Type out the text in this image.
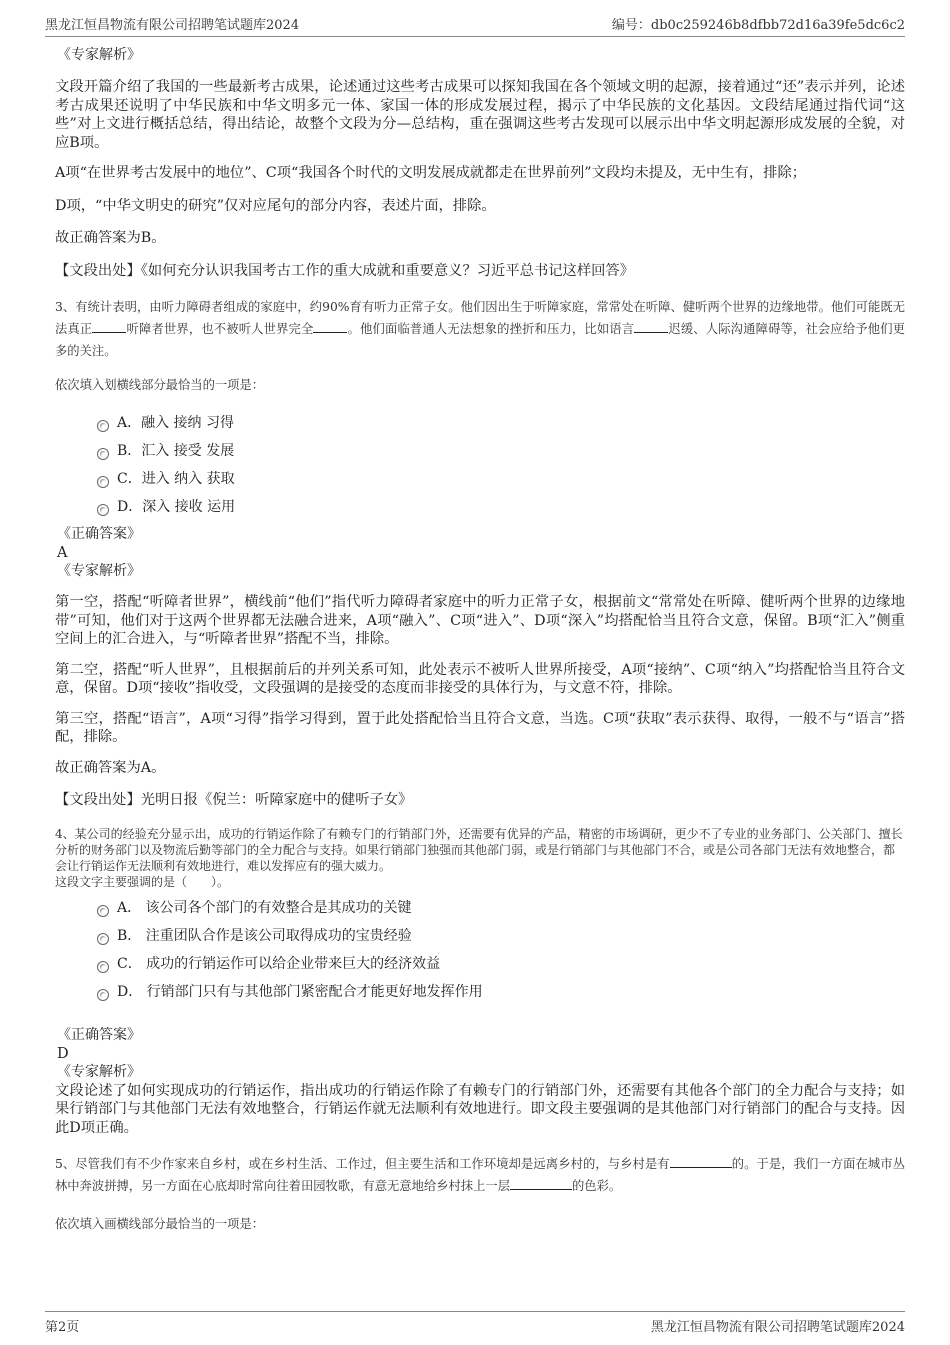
黑龙江恒昌物流有限公司招聘笔试题库2024	编号：db0c259246b8dfbb72d16a39fe5dc6c2
《专家解析》

文段开篇介绍了我国的一些最新考古成果，论述通过这些考古成果可以探知我国在各个领域文明的起源，接着通过“还”表示并列，论述考古成果还说明了中华民族和中华文明多元一体、家国一体的形成发展过程，揭示了中华民族的文化基因。文段结尾通过指代词“这些”对上文进行概括总结，得出结论，故整个文段为分—总结构，重在强调这些考古发现可以展示出中华文明起源形成发展的全貌，对应B项。

A项“在世界考古发展中的地位”、C项“我国各个时代的文明发展成就都走在世界前列”文段均未提及，无中生有，排除；

D项，“中华文明史的研究”仅对应尾句的部分内容，表述片面，排除。

故正确答案为B。

【文段出处】《如何充分认识我国考古工作的重大成就和重要意义？习近平总书记这样回答》

3、有统计表明，由听力障碍者组成的家庭中，约90%育有听力正常子女。他们因出生于听障家庭，常常处在听障、健听两个世界的边缘地带。他们可能既无法真正	听障者世界，也不被听人世界完全	。他们面临普通人无法想象的挫折和压力，比如语言	迟缓、人际沟通障碍等，社会应给予他们更多的关注。

依次填入划横线部分最恰当的一项是：

A．融入 接纳 习得
B．汇入 接受 发展
C．进入 纳入 获取
D．深入 接收 运用
《正确答案》
A
《专家解析》

第一空，搭配“听障者世界”，横线前“他们”指代听力障碍者家庭中的听力正常子女，根据前文“常常处在听障、健听两个世界的边缘地带”可知，他们对于这两个世界都无法融合进来，A项“融入”、C项“进入”、D项“深入”均搭配恰当且符合文意，保留。B项“汇入”侧重空间上的汇合进入，与“听障者世界”搭配不当，排除。

第二空，搭配“听人世界”，且根据前后的并列关系可知，此处表示不被听人世界所接受，A项“接纳”、C项“纳入”均搭配恰当且符合文意，保留。D项“接收”指收受，文段强调的是接受的态度而非接受的具体行为，与文意不符，排除。

第三空，搭配“语言”，A项“习得”指学习得到，置于此处搭配恰当且符合文意，当选。C项“获取”表示获得、取得，一般不与“语言”搭配，排除。

故正确答案为A。

【文段出处】光明日报《倪兰：听障家庭中的健听子女》

4、某公司的经验充分显示出，成功的行销运作除了有赖专门的行销部门外，还需要有优异的产品，精密的市场调研，更少不了专业的业务部门、公关部门、擅长分析的财务部门以及物流后勤等部门的全力配合与支持。如果行销部门独强而其他部门弱，或是行销部门与其他部门不合，或是公司各部门无法有效地整合，都会让行销运作无法顺利有效地进行，难以发挥应有的强大威力。

这段文字主要强调的是（　　）。

A． 该公司各个部门的有效整合是其成功的关键
B． 注重团队合作是该公司取得成功的宝贵经验
C． 成功的行销运作可以给企业带来巨大的经济效益
D． 行销部门只有与其他部门紧密配合才能更好地发挥作用
《正确答案》
D
《专家解析》

文段论述了如何实现成功的行销运作，指出成功的行销运作除了有赖专门的行销部门外，还需要有其他各个部门的全力配合与支持；如果行销部门与其他部门无法有效地整合，行销运作就无法顺利有效地进行。即文段主要强调的是其他部门对行销部门的配合与支持。因此D项正确。

5、尽管我们有不少作家来自乡村，或在乡村生活、工作过，但主要生活和工作环境却是远离乡村的，与乡村是有	的。于是，我们一方面在城市丛林中奔波拼搏，另一方面在心底却时常向往着田园牧歌，有意无意地给乡村抹上一层	的色彩。

依次填入画横线部分最恰当的一项是：

第2页	黑龙江恒昌物流有限公司招聘笔试题库2024
